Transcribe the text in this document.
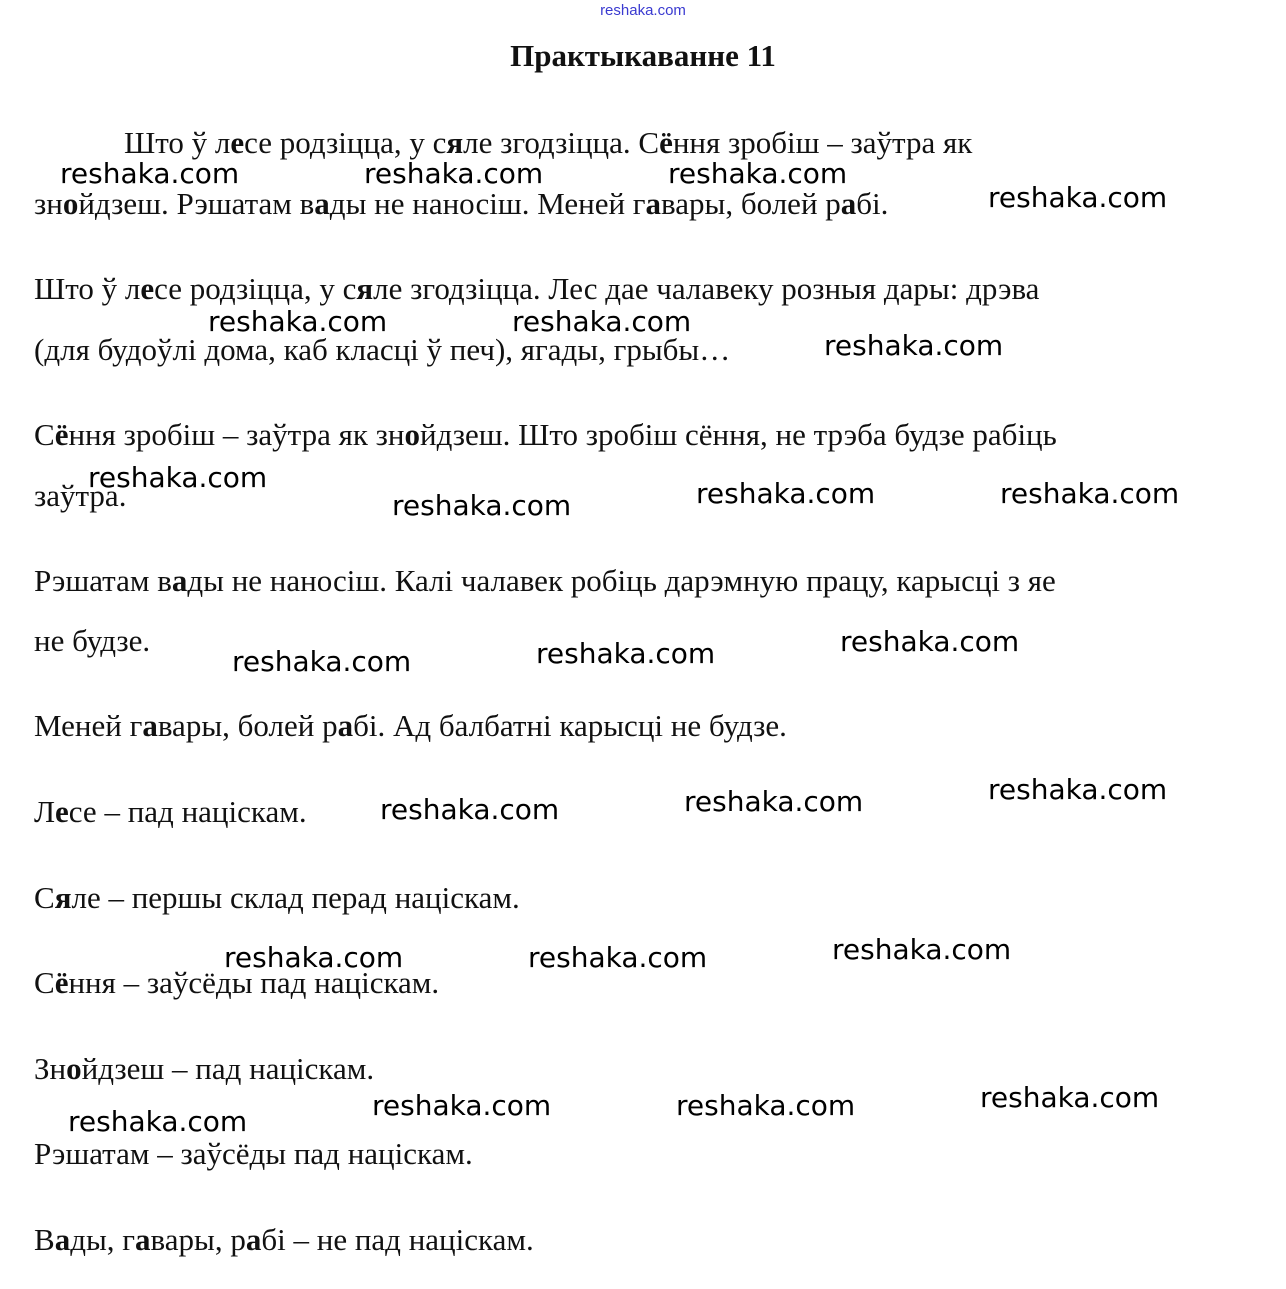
reshaka.com
Практыкаванне 11
Што ў лесе родзіцца, у сяле згодзіцца. Сёння зробіш – заўтра як
знойдзеш. Рэшатам вады не наносіш. Меней гавары, болей рабі.
Што ў лесе родзіцца, у сяле згодзіцца. Лес дае чалавеку розныя дары: дрэва
(для будоўлі дома, каб класці ў печ), ягады, грыбы…
Сёння зробіш – заўтра як знойдзеш. Што зробіш сёння, не трэба будзе рабіць
заўтра.
Рэшатам вады не наносіш. Калі чалавек робіць дарэмную працу, карысці з яе
не будзе.
Меней гавары, болей рабі. Ад балбатні карысці не будзе.
Лесе – пад націскам.
Сяле – першы склад перад націскам.
Сёння – заўсёды пад націскам.
Знойдзеш – пад націскам.
Рэшатам – заўсёды пад націскам.
Вады, гавары, рабі – не пад націскам.
reshaka.com	reshaka.com	reshaka.com
reshaka.com
reshaka.com	reshaka.com
reshaka.com
reshaka.com
reshaka.com	reshaka.com	reshaka.com
reshaka.com	reshaka.com	reshaka.com
reshaka.com	reshaka.com	reshaka.com
reshaka.com	reshaka.com	reshaka.com
reshaka.com	reshaka.com	reshaka.com	reshaka.com
